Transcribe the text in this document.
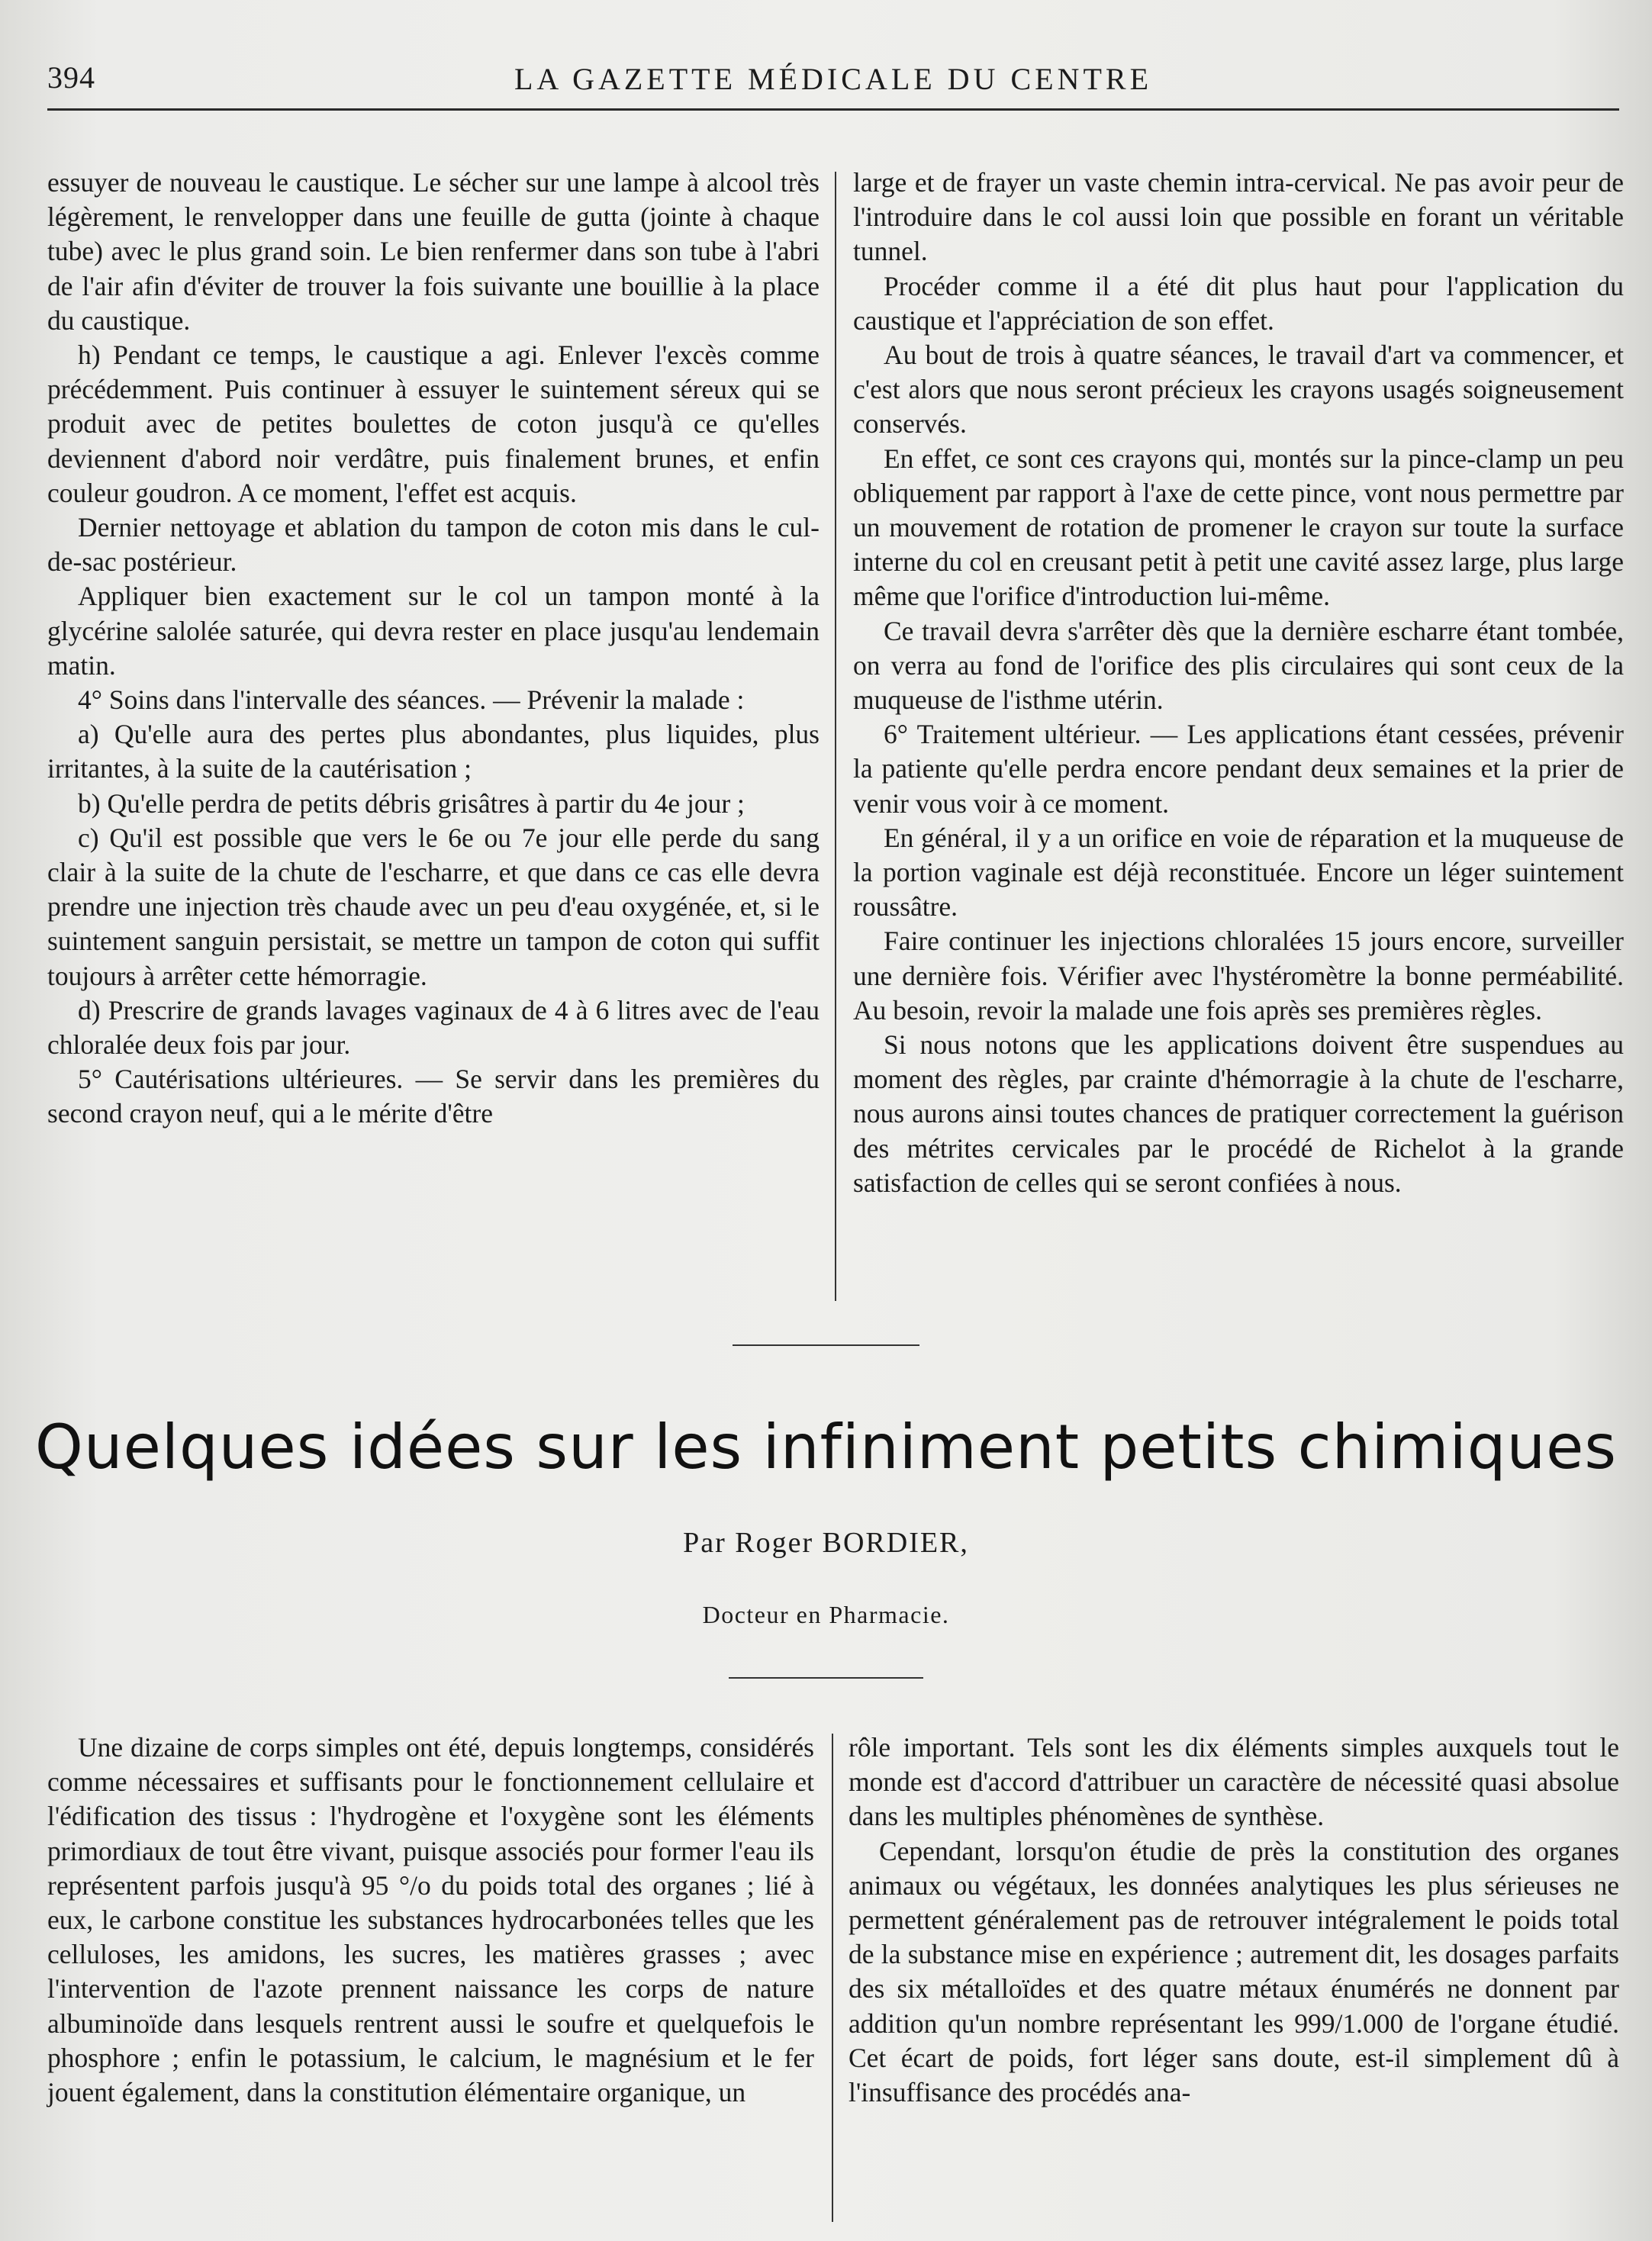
394	LA GAZETTE MÉDICALE DU CENTRE

essuyer de nouveau le caustique. Le sécher sur une lampe à alcool très légèrement, le renvelopper dans une feuille de gutta (jointe à chaque tube) avec le plus grand soin. Le bien renfermer dans son tube à l'abri de l'air afin d'éviter de trouver la fois suivante une bouillie à la place du caustique.

h) Pendant ce temps, le caustique a agi. Enlever l'excès comme précédemment. Puis continuer à essuyer le suintement séreux qui se produit avec de petites boulettes de coton jusqu'à ce qu'elles deviennent d'abord noir verdâtre, puis finalement brunes, et enfin couleur goudron. A ce moment, l'effet est acquis.

Dernier nettoyage et ablation du tampon de coton mis dans le cul-de-sac postérieur.

Appliquer bien exactement sur le col un tampon monté à la glycérine salolée saturée, qui devra rester en place jusqu'au lendemain matin.

4° Soins dans l'intervalle des séances. — Prévenir la malade :

a) Qu'elle aura des pertes plus abondantes, plus liquides, plus irritantes, à la suite de la cautérisation ;

b) Qu'elle perdra de petits débris grisâtres à partir du 4e jour ;

c) Qu'il est possible que vers le 6e ou 7e jour elle perde du sang clair à la suite de la chute de l'escharre, et que dans ce cas elle devra prendre une injection très chaude avec un peu d'eau oxygénée, et, si le suintement sanguin persistait, se mettre un tampon de coton qui suffit toujours à arrêter cette hémorragie.

d) Prescrire de grands lavages vaginaux de 4 à 6 litres avec de l'eau chloralée deux fois par jour.

5° Cautérisations ultérieures. — Se servir dans les premières du second crayon neuf, qui a le mérite d'être

large et de frayer un vaste chemin intra-cervical. Ne pas avoir peur de l'introduire dans le col aussi loin que possible en forant un véritable tunnel.

Procéder comme il a été dit plus haut pour l'application du caustique et l'appréciation de son effet.

Au bout de trois à quatre séances, le travail d'art va commencer, et c'est alors que nous seront précieux les crayons usagés soigneusement conservés.

En effet, ce sont ces crayons qui, montés sur la pince-clamp un peu obliquement par rapport à l'axe de cette pince, vont nous permettre par un mouvement de rotation de promener le crayon sur toute la surface interne du col en creusant petit à petit une cavité assez large, plus large même que l'orifice d'introduction lui-même.

Ce travail devra s'arrêter dès que la dernière escharre étant tombée, on verra au fond de l'orifice des plis circulaires qui sont ceux de la muqueuse de l'isthme utérin.

6° Traitement ultérieur. — Les applications étant cessées, prévenir la patiente qu'elle perdra encore pendant deux semaines et la prier de venir vous voir à ce moment.

En général, il y a un orifice en voie de réparation et la muqueuse de la portion vaginale est déjà reconstituée. Encore un léger suintement roussâtre.

Faire continuer les injections chloralées 15 jours encore, surveiller une dernière fois. Vérifier avec l'hystéromètre la bonne perméabilité. Au besoin, revoir la malade une fois après ses premières règles.

Si nous notons que les applications doivent être suspendues au moment des règles, par crainte d'hémorragie à la chute de l'escharre, nous aurons ainsi toutes chances de pratiquer correctement la guérison des métrites cervicales par le procédé de Richelot à la grande satisfaction de celles qui se seront confiées à nous.

Quelques idées sur les infiniment petits chimiques
Par Roger BORDIER,
Docteur en Pharmacie.

Une dizaine de corps simples ont été, depuis longtemps, considérés comme nécessaires et suffisants pour le fonctionnement cellulaire et l'édification des tissus : l'hydrogène et l'oxygène sont les éléments primordiaux de tout être vivant, puisque associés pour former l'eau ils représentent parfois jusqu'à 95 °/o du poids total des organes ; lié à eux, le carbone constitue les substances hydrocarbonées telles que les celluloses, les amidons, les sucres, les matières grasses ; avec l'intervention de l'azote prennent naissance les corps de nature albuminoïde dans lesquels rentrent aussi le soufre et quelquefois le phosphore ; enfin le potassium, le calcium, le magnésium et le fer jouent également, dans la constitution élémentaire organique, un

rôle important. Tels sont les dix éléments simples auxquels tout le monde est d'accord d'attribuer un caractère de nécessité quasi absolue dans les multiples phénomènes de synthèse.

Cependant, lorsqu'on étudie de près la constitution des organes animaux ou végétaux, les données analytiques les plus sérieuses ne permettent généralement pas de retrouver intégralement le poids total de la substance mise en expérience ; autrement dit, les dosages parfaits des six métalloïdes et des quatre métaux énumérés ne donnent par addition qu'un nombre représentant les 999/1.000 de l'organe étudié. Cet écart de poids, fort léger sans doute, est-il simplement dû à l'insuffisance des procédés ana-
